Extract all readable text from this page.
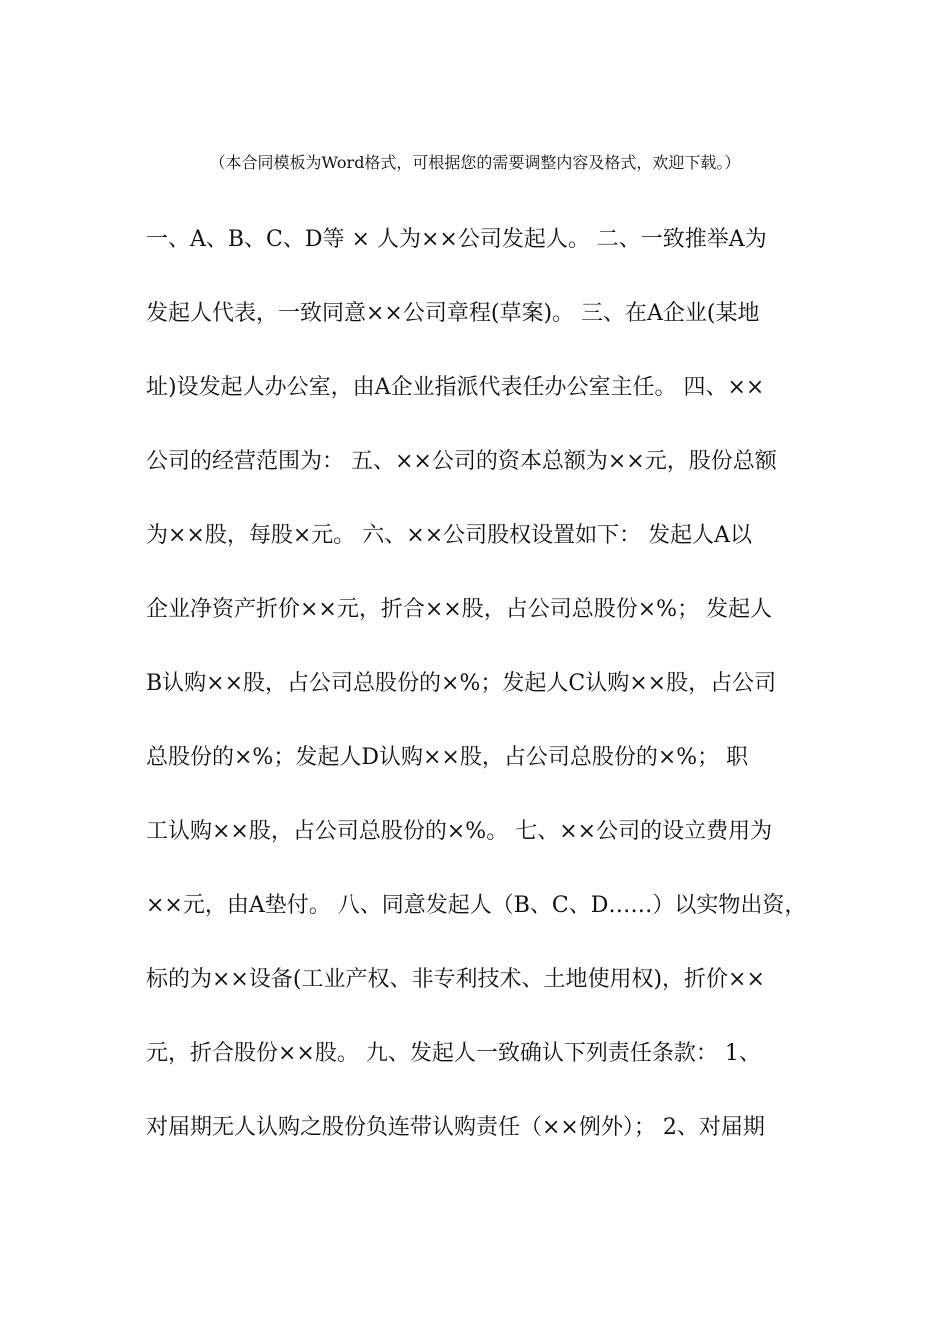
（本合同模板为Word格式，可根据您的需要调整内容及格式，欢迎下载。）
一、A、B、C、D等 × 人为××公司发起人。 二、一致推举A为
发起人代表，一致同意××公司章程(草案)。 三、在A企业(某地
址)设发起人办公室，由A企业指派代表任办公室主任。 四、××
公司的经营范围为： 五、××公司的资本总额为××元，股份总额
为××股，每股×元。 六、××公司股权设置如下： 发起人A以
企业净资产折价××元，折合××股，占公司总股份×%； 发起人
B认购××股，占公司总股份的×%；发起人C认购××股，占公司
总股份的×%；发起人D认购××股，占公司总股份的×%； 职
工认购××股，占公司总股份的×%。 七、××公司的设立费用为
××元，由A垫付。 八、同意发起人（B、C、D……）以实物出资，
标的为××设备(工业产权、非专利技术、土地使用权)，折价××
元，折合股份××股。 九、发起人一致确认下列责任条款： 1、
对届期无人认购之股份负连带认购责任（××例外）； 2、对届期
